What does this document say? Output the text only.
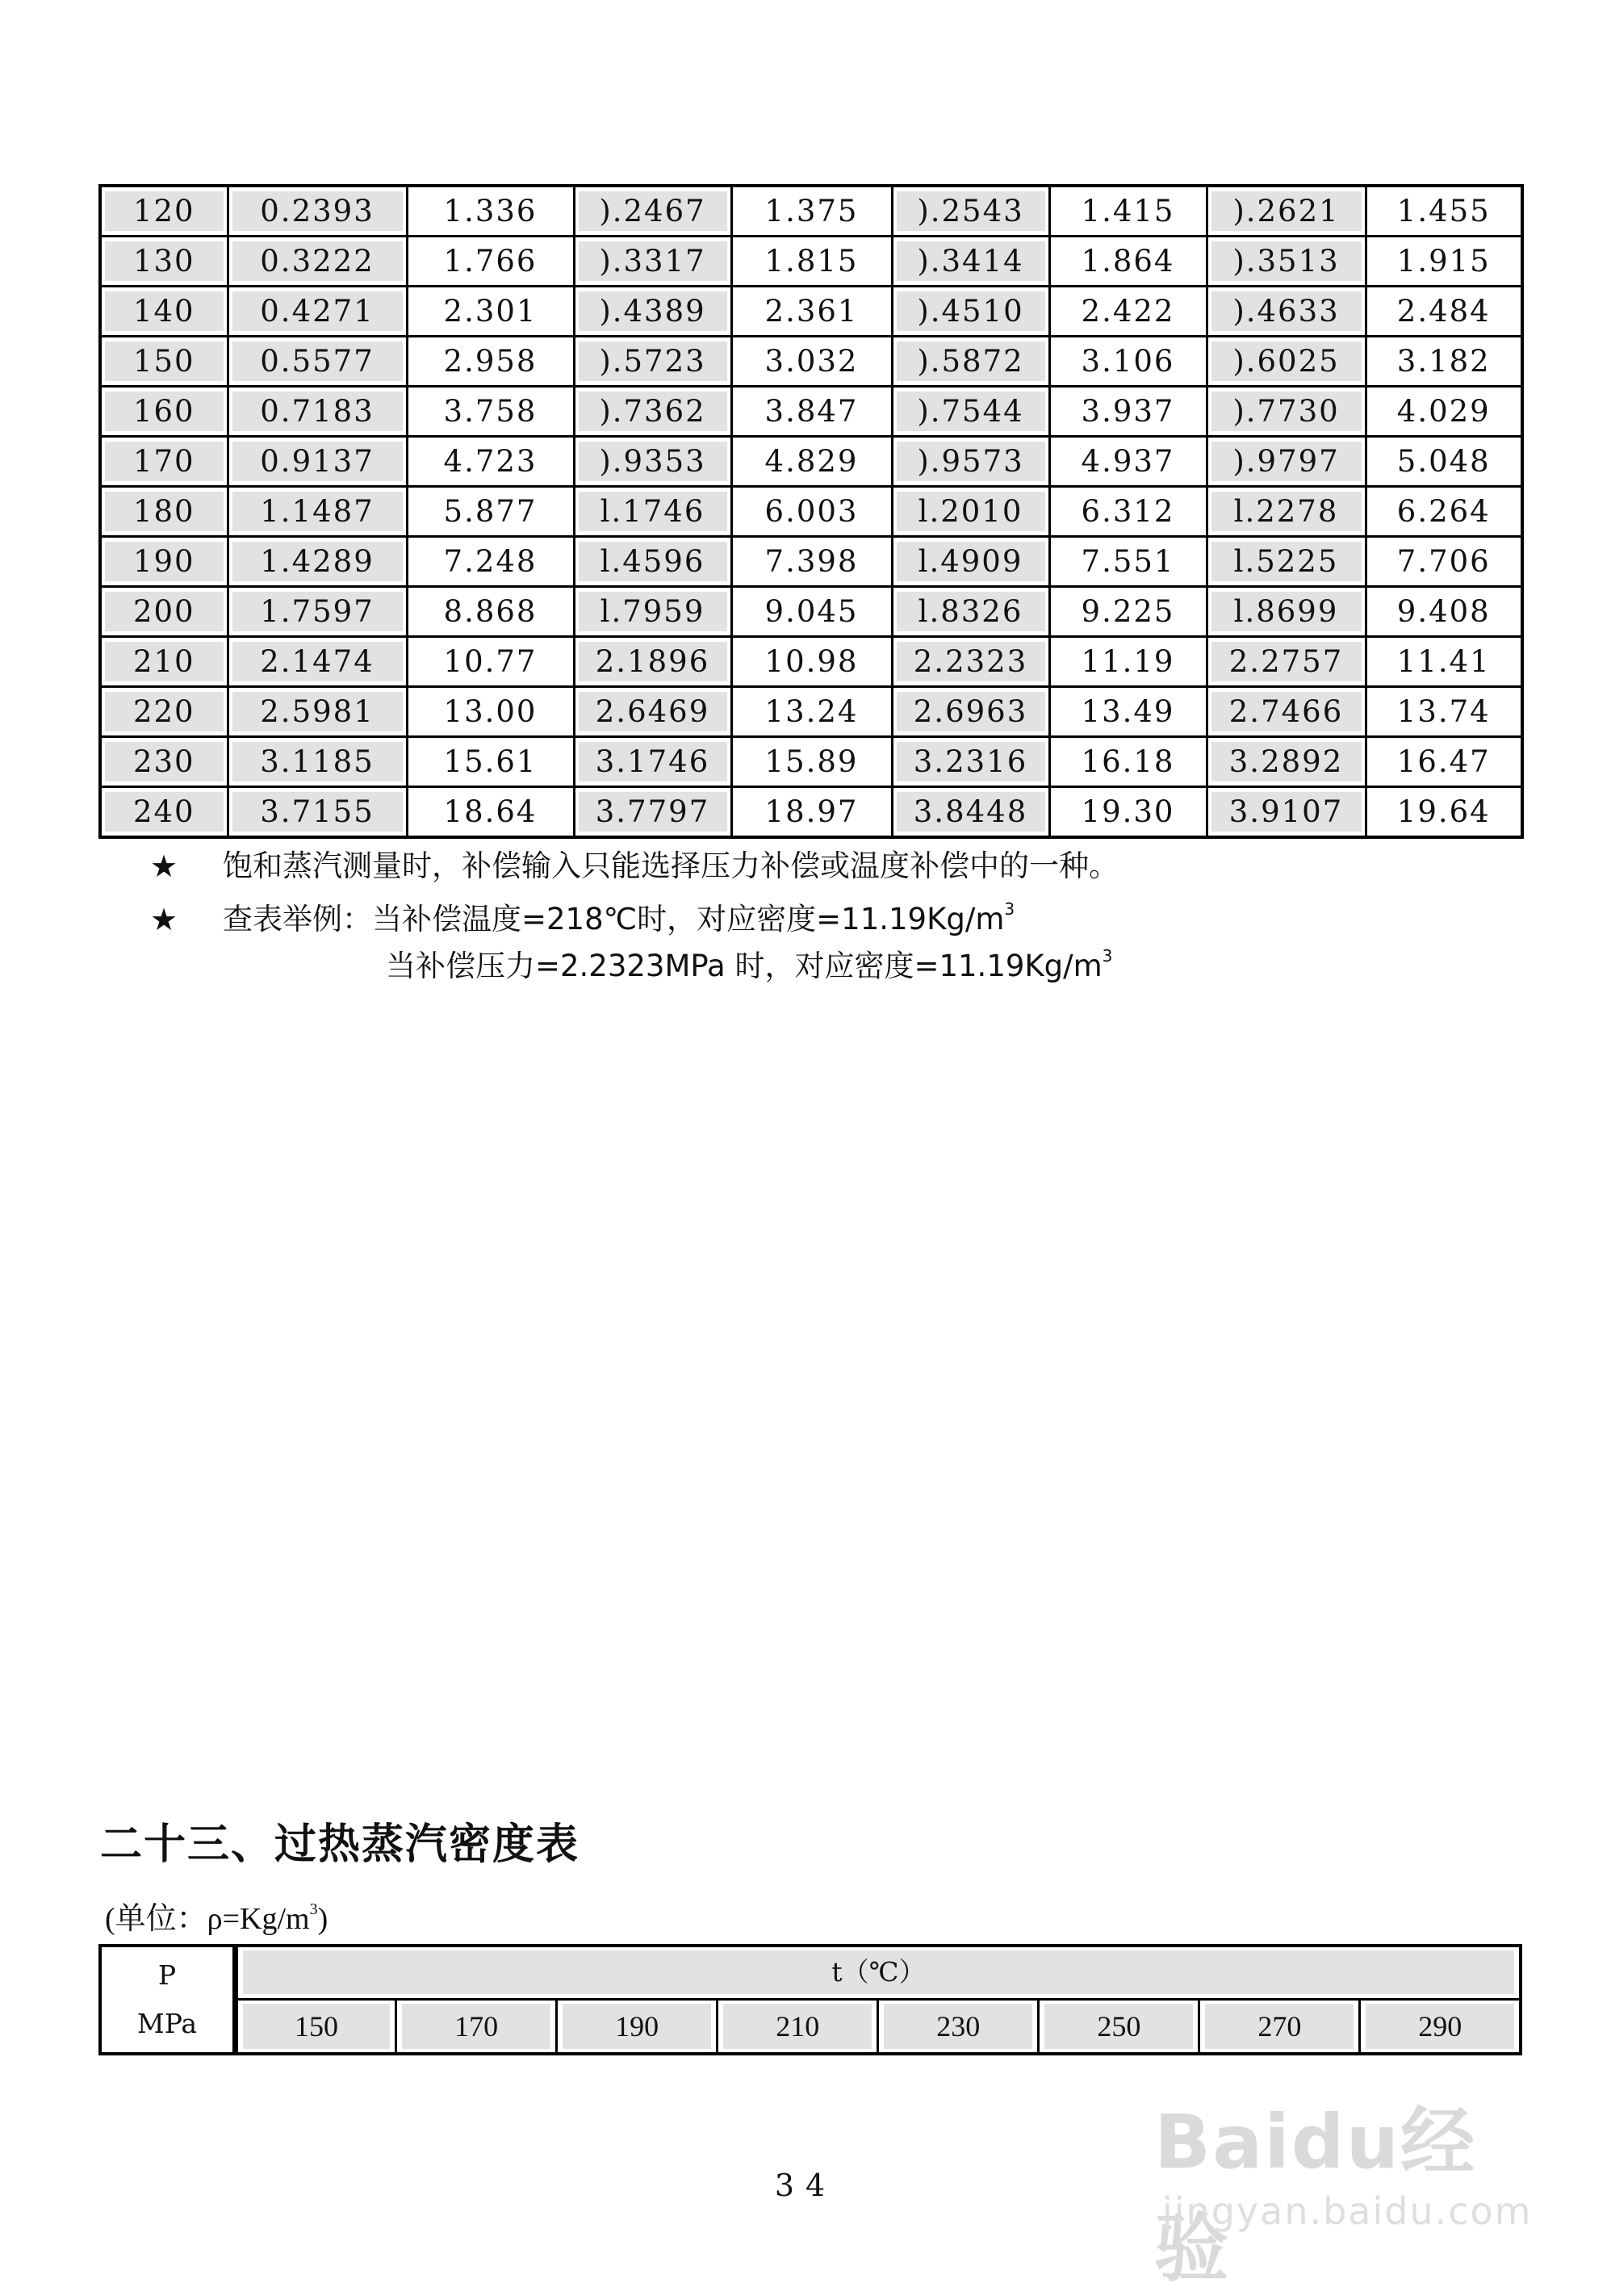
120	0.2393	1.336	).2467	1.375	).2543	1.415	).2621	1.455

130	0.3222	1.766	).3317	1.815	).3414	1.864	).3513	1.915

140	0.4271	2.301	).4389	2.361	).4510	2.422	).4633	2.484

150	0.5577	2.958	).5723	3.032	).5872	3.106	).6025	3.182

160	0.7183	3.758	).7362	3.847	).7544	3.937	).7730	4.029

170	0.9137	4.723	).9353	4.829	).9573	4.937	).9797	5.048

180	1.1487	5.877	l.1746	6.003	l.2010	6.312	l.2278	6.264

190	1.4289	7.248	l.4596	7.398	l.4909	7.551	l.5225	7.706

200	1.7597	8.868	l.7959	9.045	l.8326	9.225	l.8699	9.408

210	2.1474	10.77	2.1896	10.98	2.2323	11.19	2.2757	11.41

220	2.5981	13.00	2.6469	13.24	2.6963	13.49	2.7466	13.74

230	3.1185	15.61	3.1746	15.89	3.2316	16.18	3.2892	16.47

240	3.7155	18.64	3.7797	18.97	3.8448	19.30	3.9107	19.64
★ 饱和蒸汽测量时，补偿输入只能选择压力补偿或温度补偿中的一种。
★ 查表举例：当补偿温度=218℃时，对应密度$=11.19Kg/m^3$
当补偿压力=2.2323MPa 时，对应密度$=11.19Kg/m^3$
二十三、过热蒸汽密度表
(单位：$\rho=Kg/m^3$)
P
MPa	t（℃）							

	150	170	190	210	230	250	270	290
34	Baidu经验
jingyan.baidu.com
